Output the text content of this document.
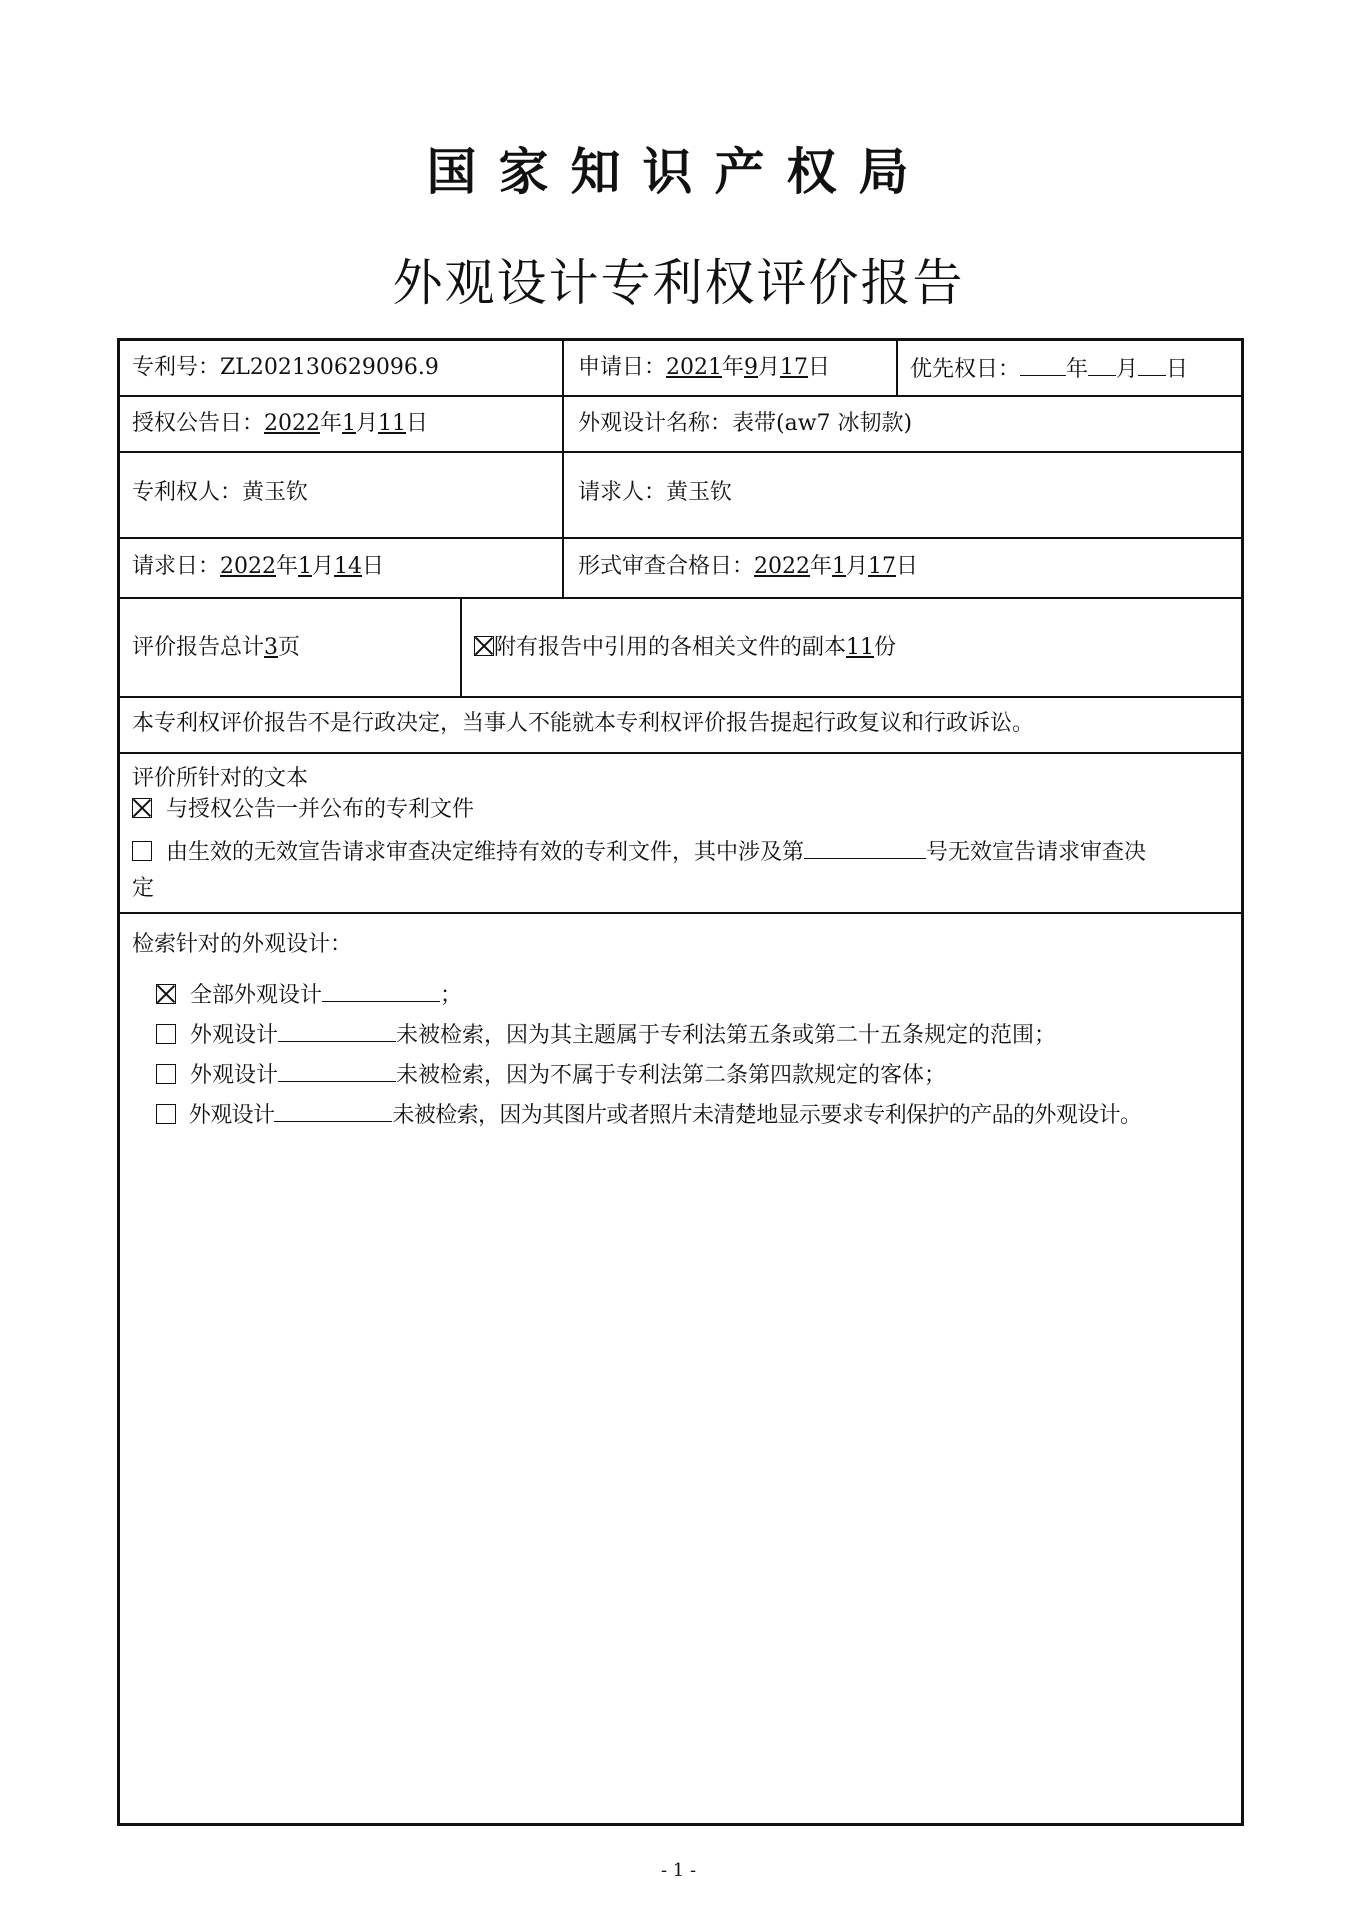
国家知识产权局
外观设计专利权评价报告
专利号：ZL202130629096.9	申请日：2021年9月17日	优先权日： 年 月 日
授权公告日：2022年1月11日	外观设计名称：表带(aw7 冰韧款)
专利权人：黄玉钦	请求人：黄玉钦
请求日：2022年1月14日	形式审查合格日：2022年1月17日
评价报告总计3页	附有报告中引用的各相关文件的副本11份
本专利权评价报告不是行政决定，当事人不能就本专利权评价报告提起行政复议和行政诉讼。
评价所针对的文本
与授权公告一并公布的专利文件
由生效的无效宣告请求审查决定维持有效的专利文件，其中涉及第	号无效宣告请求审查决
定
检索针对的外观设计：
全部外观设计	；
外观设计	未被检索，因为其主题属于专利法第五条或第二十五条规定的范围；
外观设计	未被检索，因为不属于专利法第二条第四款规定的客体；
外观设计	未被检索，因为其图片或者照片未清楚地显示要求专利保护的产品的外观设计。
- 1 -
